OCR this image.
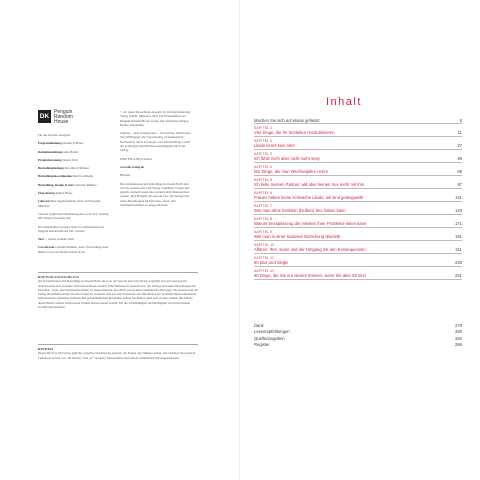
DK
Penguin
Random
House

Für die deutsche Ausgabe:

Programmleitung Monika Schlitzer

Redaktionsleitung Anne Heinel

Projektbetreuung Dennis Wolf

Herstellungsleitung Dorothee Whittaker

Herstellungskoordination Katrin Lehmann

Herstellung, Design & Satz Christine Rühmer

Übersetzung Regina Busse

Lektorat Elke Sagenschneider Texte und Projekte, München

Titel der englischen Originalausgabe: Good Sex: Getting Off without Checking Out

Der Originaltitel erschien 2020 in Großbritannien bei Penguin Random House UK, London

Text © Jessica Graham 2020

Coverlayout Christine Rühmer, unter Verwendung eines Bildes von Good Studio/Adobe Stock

© der deutschsprachigen Ausgabe by Dorling Kindersley Verlag GmbH, München, 2021 Ein Unternehmen der Penguin Random House Group Alle deutschsprachigen Rechte vorbehalten

Jegliche – auch auszugsweise – Verwertung, Wiedergabe, Vervielfältigung oder Speicherung, ob elektronisch, mechanisch, durch Fotokopie oder Aufzeichnung, bedarf der vorherigen schriftlichen Genehmigung durch den Verlag.

ISBN 978-3-8310-4164-0

www.dk-verlag.de

Hinweis

Die Informationen und Ratschläge in diesem Buch sind von der Autorin und vom Verlag sorgfältig erwogen und geprüft, dennoch kann eine Garantie nicht übernommen werden. Eine Haftung der Autorin bzw. des Verlags und seiner Beauftragten für Personen-, Sach- und Vermögensschäden ist ausgeschlossen.

HAFTUNGSAUSSCHLUSS
Die Informationen und Ratschläge in diesem Buch sind von der Autorin und vom Verlag sorgfältig erwogen und geprüft, dennoch kann eine Garantie nicht übernommen werden. Eine Haftung der Autorin bzw. des Verlags und seiner Beauftragten für Personen-, Sach- und Vermögensschäden ist ausgeschlossen. Das Buch ersetzt keine medizinische Beratung. Die Autorin und der Verlag übernehmen keine Verantwortung für eventuell sich aus dem Gebrauch oder Missbrauch der in diesem Buch enthaltenen Informationen ergebende Schäden. Bei gesundheitlichen Problemen sollten Sie immer einen Arzt zu Rate ziehen. Die Inhalte dieses Buchs wurden nach bestem Wissen und Gewissen erstellt. Für die Vollständigkeit und Richtigkeit wird jedoch keine Gewähr übernommen.
HINWEIS
Dieses Buch ist für Frauen jeglicher sexueller Orientierung gedacht, die Frauen oder Männer lieben. Aus Gründen der besseren Lesbarkeit ist hier von „Ihr Partner“ und „er“ die Rede. Partnerinnen sind jedoch ausdrücklich mit eingeschlossen.
Inhalt
Machen Sie sich auf etwas gefasst!	6
KAPITEL 1
Vier Dinge, die Ihr Sexleben revolutionieren	11
KAPITEL 2
Libido kennt kein Alter	27
KAPITEL 3
Ich fühle mich aber nicht mehr sexy	49
KAPITEL 4
Die Dinge, die man Wechseljahre nennt	69
KAPITEL 5
Ich liebe meinen Partner, will aber keinen Sex mehr mit ihm	97
KAPITEL 6
Frauen haben keine schwache Libido, wir sind gelangweilt!	121
KAPITEL 7
Wie man ohne Erektion (heißen) Sex haben kann	143
KAPITEL 8
Warum Sexspielzeug die meisten Ihrer Probleme lösen kann	171
KAPITEL 9
Wie man in einer sexlosen Beziehung überlebt	191
KAPITEL 10
Affären: Ihre, seine und der Umgang mit den Konsequenzen	211
KAPITEL 11
50 plus und Single	229
KAPITEL 12
50 Dinge, die Sie nur wissen können, wenn Sie über 50 sind	251
Dank	278
Leseempfehlungen	280
Quellenangaben	282
Register	286
